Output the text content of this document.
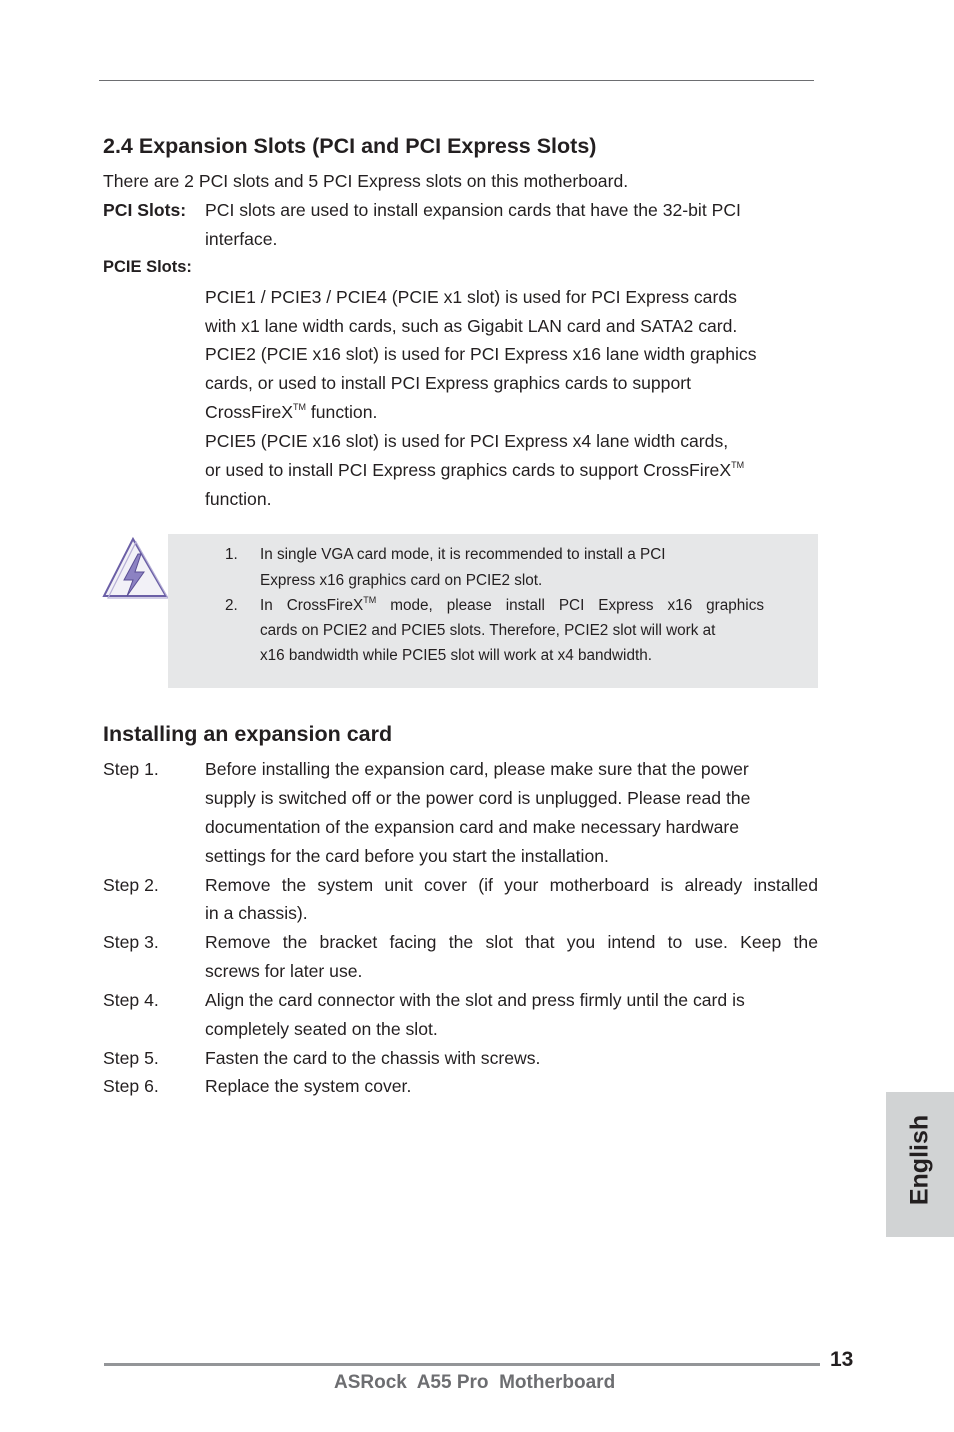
2.4 Expansion Slots (PCI and PCI Express Slots)
There are 2 PCI slots and 5 PCI Express slots on this motherboard.
PCI Slots: PCI slots are used to install expansion cards that have the 32-bit PCI
interface.
PCIE Slots:
PCIE1 / PCIE3 / PCIE4 (PCIE x1 slot) is used for PCI Express cards
with x1 lane width cards, such as Gigabit LAN card and SATA2 card.
PCIE2 (PCIE x16 slot) is used for PCI Express x16 lane width graphics
cards, or used to install PCI Express graphics cards to support
CrossFireX™ function.
PCIE5 (PCIE x16 slot) is used for PCI Express x4 lane width cards,
or used to install PCI Express graphics cards to support CrossFireX™
function.
1. In single VGA card mode, it is recommended to install a PCI
Express x16 graphics card on PCIE2 slot.
2. In CrossFireX™ mode, please install PCI Express x16 graphics
cards on PCIE2 and PCIE5 slots. Therefore, PCIE2 slot will work at
x16 bandwidth while PCIE5 slot will work at x4 bandwidth.
Installing an expansion card
Step 1.	Before installing the expansion card, please make sure that the power
supply is switched off or the power cord is unplugged. Please read the
documentation of the expansion card and make necessary hardware
settings for the card before you start the installation.
Step 2.	Remove the system unit cover (if your motherboard is already installed
in a chassis).
Step 3.	Remove the bracket facing the slot that you intend to use. Keep the
screws for later use.
Step 4.	Align the card connector with the slot and press firmly until the card is
completely seated on the slot.
Step 5.	Fasten the card to the chassis with screws.
Step 6.	Replace the system cover.
English
13
ASRock  A55 Pro  Motherboard
